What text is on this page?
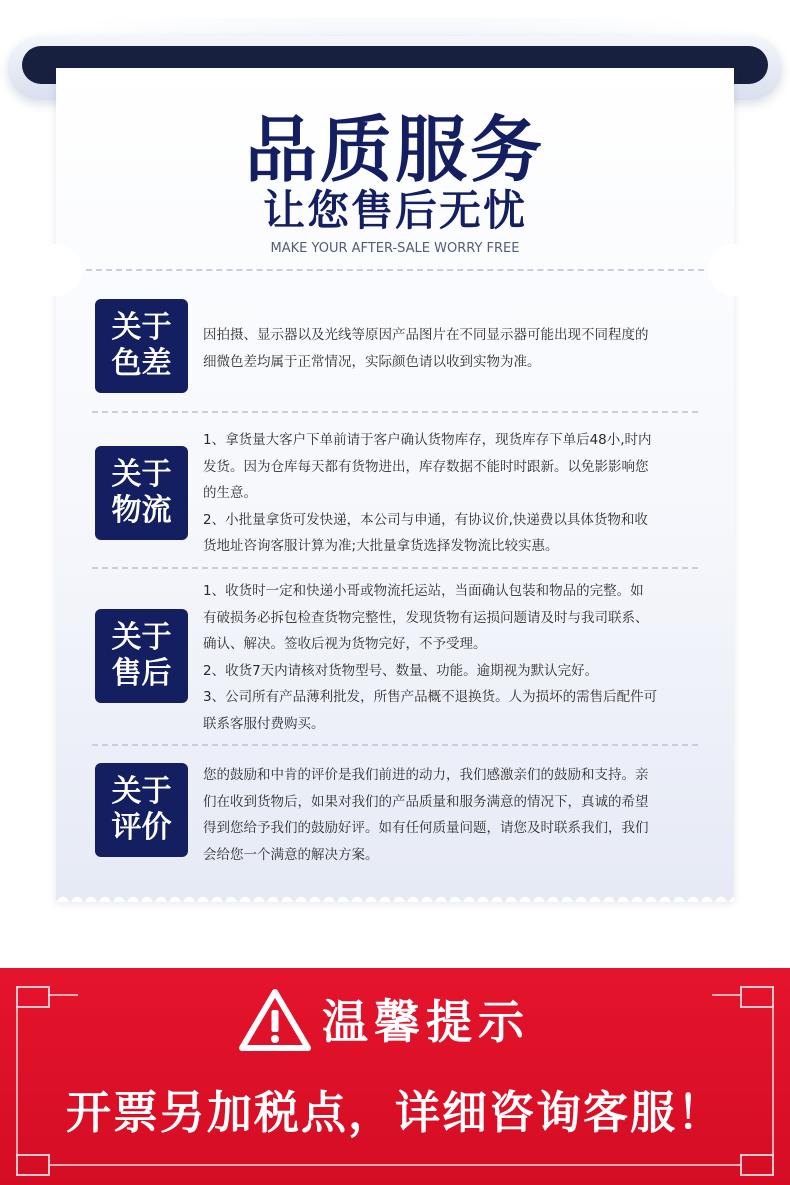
品质服务
让您售后无忧
MAKE YOUR AFTER-SALE WORRY FREE
关于
色差
因拍摄、显示器以及光线等原因产品图片在不同显示器可能出现不同程度的
细微色差均属于正常情况，实际颜色请以收到实物为准。
关于
物流
1、拿货量大客户下单前请于客户确认货物库存，现货库存下单后48小,时内
发货。因为仓库每天都有货物进出，库存数据不能时时跟新。以免影影响您
的生意。
2、小批量拿货可发快递，本公司与申通，有协议价,快递费以具体货物和收
货地址咨询客服计算为准;大批量拿货选择发物流比较实惠。
关于
售后
1、收货时一定和快递小哥或物流托运站，当面确认包装和物品的完整。如
有破损务必拆包检查货物完整性，发现货物有运损问题请及时与我司联系、
确认、解决。签收后视为货物完好，不予受理。
2、收货7天内请核对货物型号、数量、功能。逾期视为默认完好。
3、公司所有产品薄利批发，所售产品概不退换货。人为损坏的需售后配件可
联系客服付费购买。
关于
评价
您的鼓励和中肯的评价是我们前进的动力，我们感激亲们的鼓励和支持。亲
们在收到货物后，如果对我们的产品质量和服务满意的情况下，真诚的希望
得到您给予我们的鼓励好评。如有任何质量问题，请您及时联系我们，我们
会给您一个满意的解决方案。
温馨提示
开票另加税点，详细咨询客服！
